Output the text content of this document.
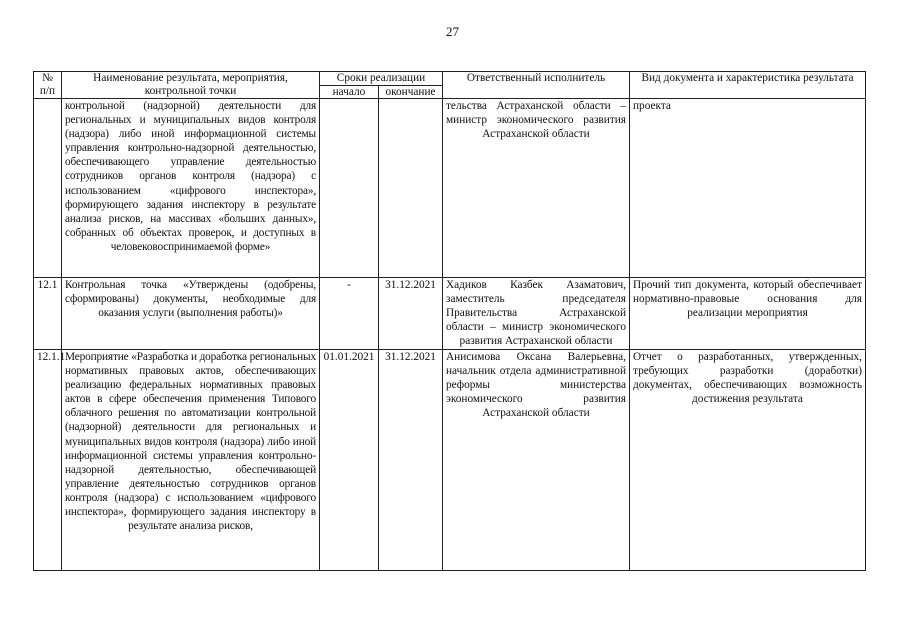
27
№ п/п	Наименование результата, мероприятия, контрольной точки	Сроки реализации		Ответственный исполнитель	Вид документа и характеристика результата
		начало	окончание		
	контрольной (надзорной) деятельности для региональных и муниципальных видов контроля (надзора) либо иной информационной системы управления контрольно-надзорной деятельностью, обеспечивающего управление деятельностью сотрудников органов контроля (надзора) с использованием «цифрового инспектора», формирующего задания инспектору в результате анализа рисков, на массивах «больших данных», собранных об объектах проверок, и доступных в человековоспринимаемой форме»			тельства Астраханской области – министр экономического развития Астраханской области	проекта
12.1	Контрольная точка «Утверждены (одобрены, сформированы) документы, необходимые для оказания услуги (выполнения работы)»	-	31.12.2021	Хадиков Казбек Азаматович, заместитель председателя Правительства Астраханской области – министр экономического развития Астраханской области	Прочий тип документа, который обеспечивает нормативно-правовые основания для реализации мероприятия
12.1.1	Мероприятие «Разработка и доработка региональных нормативных правовых актов, обеспечивающих реализацию федеральных нормативных правовых актов в сфере обеспечения применения Типового облачного решения по автоматизации контрольной (надзорной) деятельности для региональных и муниципальных видов контроля (надзора) либо иной информационной системы управления контрольно-надзорной деятельностью, обеспечивающей управление деятельностью сотрудников органов контроля (надзора) с использованием «цифрового инспектора», формирующего задания инспектору в результате анализа рисков,	01.01.2021	31.12.2021	Анисимова Оксана Валерьевна, начальник отдела административной реформы министерства экономического развития Астраханской области	Отчет о разработанных, утвержденных, требующих разработки (доработки) документах, обеспечивающих возможность достижения результата
